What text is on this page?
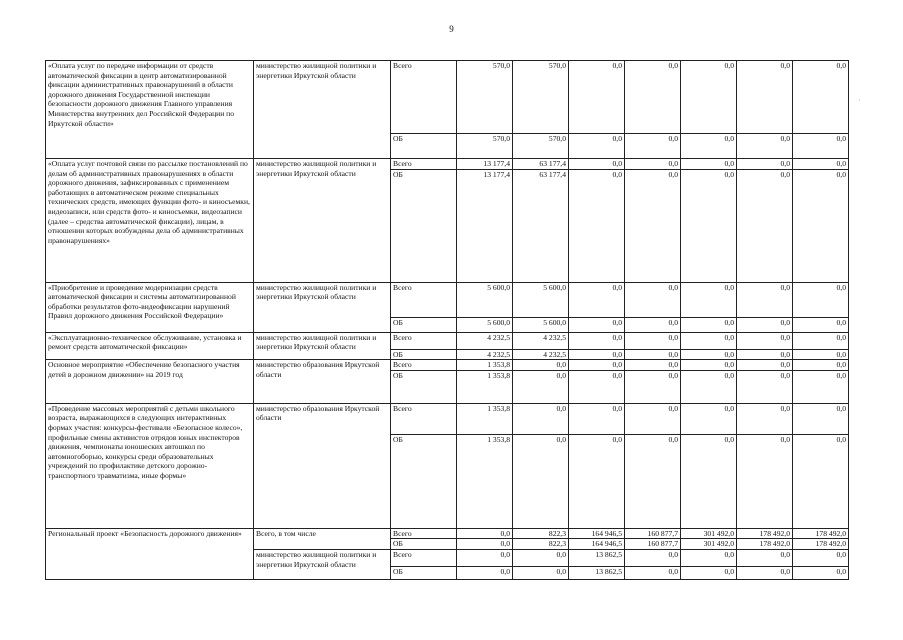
9
·
«Оплата услуг по передаче информации от средств автоматической фиксации в центр автоматизированной фиксации административных правонарушений в области дорожного движения Государственной инспекции безопасности дорожного движения Главного управления Министерства внутренних дел Российской Федерации по Иркутской области»	министерство жилищной политики и энергетики Иркутской области	Всего	570,0	570,0	0,0	0,0	0,0	0,0	0,0
		ОБ	570,0	570,0	0,0	0,0	0,0	0,0	0,0
«Оплата услуг почтовой связи по рассылке постановлений по делам об административных правонарушениях в области дорожного движения, зафиксированных с применением работающих в автоматическом режиме специальных технических средств, имеющих функции фото- и киносъемки, видеозаписи, или средств фото- и киносъемки, видеозаписи (далее – средства автоматической фиксации), лицам, в отношении которых возбуждены дела об административных правонарушениях»	министерство жилищной политики и энергетики Иркутской области	Всего	13 177,4	63 177,4	0,0	0,0	0,0	0,0	0,0
		ОБ	13 177,4	63 177,4	0,0	0,0	0,0	0,0	0,0
«Приобретение и проведение модернизации средств автоматической фиксации и системы автоматизированной обработки результатов фото-видеофиксации нарушений Правил дорожного движения Российской Федерации»	министерство жилищной политики и энергетики Иркутской области	Всего	5 600,0	5 600,0	0,0	0,0	0,0	0,0	0,0
		ОБ	5 600,0	5 600,0	0,0	0,0	0,0	0,0	0,0
«Эксплуатационно-техническое обслуживание, установка и ремонт средств автоматической фиксации»	министерство жилищной политики и энергетики Иркутской области	Всего	4 232,5	4 232,5	0,0	0,0	0,0	0,0	0,0
		ОБ	4 232,5	4 232,5	0,0	0,0	0,0	0,0	0,0
Основное мероприятие «Обеспечение безопасного участия детей в дорожном движении» на 2019 год	министерство образования Иркутской области	Всего	1 353,8	0,0	0,0	0,0	0,0	0,0	0,0
		ОБ	1 353,8	0,0	0,0	0,0	0,0	0,0	0,0
«Проведение массовых мероприятий с детьми школьного возраста, выражающихся в следующих интерактивных формах участия: конкурсы-фестивали «Безопасное колесо», профильные смены активистов отрядов юных инспекторов движения, чемпионаты юношеских автошкол по автомногоборью, конкурсы среди образовательных учреждений по профилактике детского дорожно-транспортного травматизма, иные формы»	министерство образования Иркутской области	Всего	1 353,8	0,0	0,0	0,0	0,0	0,0	0,0
		ОБ	1 353,8	0,0	0,0	0,0	0,0	0,0	0,0
Региональный проект «Безопасность дорожного движения»	Всего, в том числе	Всего	0,0	822,3	164 946,5	160 877,7	301 492,0	178 492,0	178 492,0
		ОБ	0,0	822,3	164 946,5	160 877,7	301 492,0	178 492,0	178 492,0
	министерство жилищной политики и энергетики Иркутской области	Всего	0,0	0,0	13 862,5	0,0	0,0	0,0	0,0
		ОБ	0,0	0,0	13 862,5	0,0	0,0	0,0	0,0
